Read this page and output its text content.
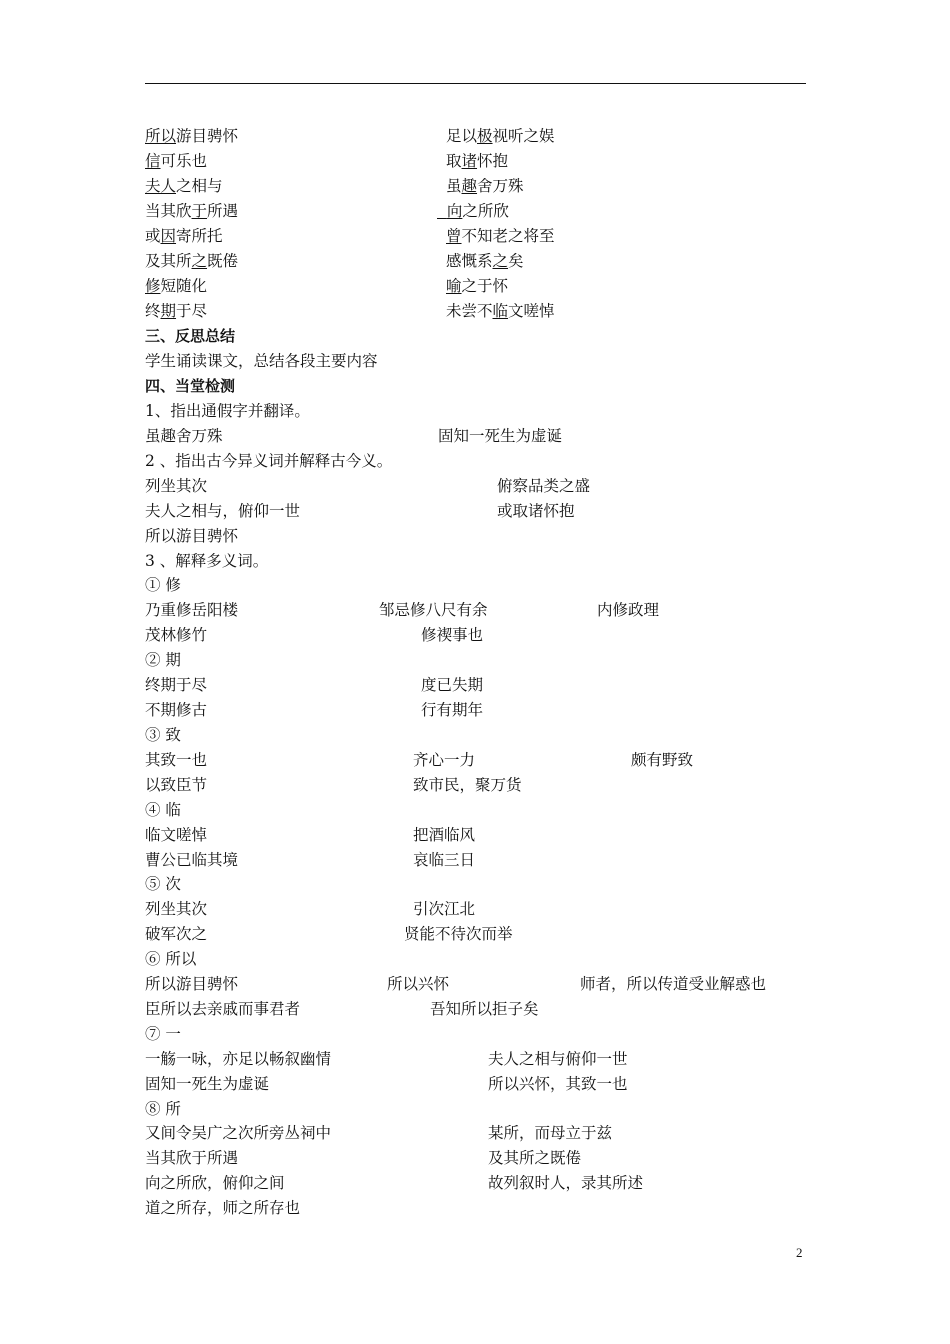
所以游目骋怀	足以极视听之娱
信可乐也	取诸怀抱
夫人之相与	虽趣舍万殊
当其欣于所遇	向之所欣
或因寄所托	曾不知老之将至
及其所之既倦	感慨系之矣
修短随化	喻之于怀
终期于尽	未尝不临文嗟悼
三、反思总结
学生诵读课文，总结各段主要内容
四、当堂检测
1、指出通假字并翻译。
虽趣舍万殊	固知一死生为虚诞
2 、指出古今异义词并解释古今义。
列坐其次	俯察品类之盛
夫人之相与，俯仰一世	或取诸怀抱
所以游目骋怀
3 、解释多义词。
① 修
乃重修岳阳楼	邹忌修八尺有余	内修政理
茂林修竹	修禊事也
② 期
终期于尽	度已失期
不期修古	行有期年
③ 致
其致一也	齐心一力	颇有野致
以致臣节	致市民，聚万货
④ 临
临文嗟悼	把酒临风
曹公已临其境	哀临三日
⑤ 次
列坐其次	引次江北
破军次之	贤能不待次而举
⑥ 所以
所以游目骋怀	所以兴怀	师者，所以传道受业解惑也
臣所以去亲戚而事君者	吾知所以拒子矣
⑦ 一
一觞一咏，亦足以畅叙幽情	夫人之相与俯仰一世
固知一死生为虚诞	所以兴怀，其致一也
⑧ 所
又间令吴广之次所旁丛祠中	某所，而母立于兹
当其欣于所遇	及其所之既倦
向之所欣，俯仰之间	故列叙时人，录其所述
道之所存，师之所存也
2
